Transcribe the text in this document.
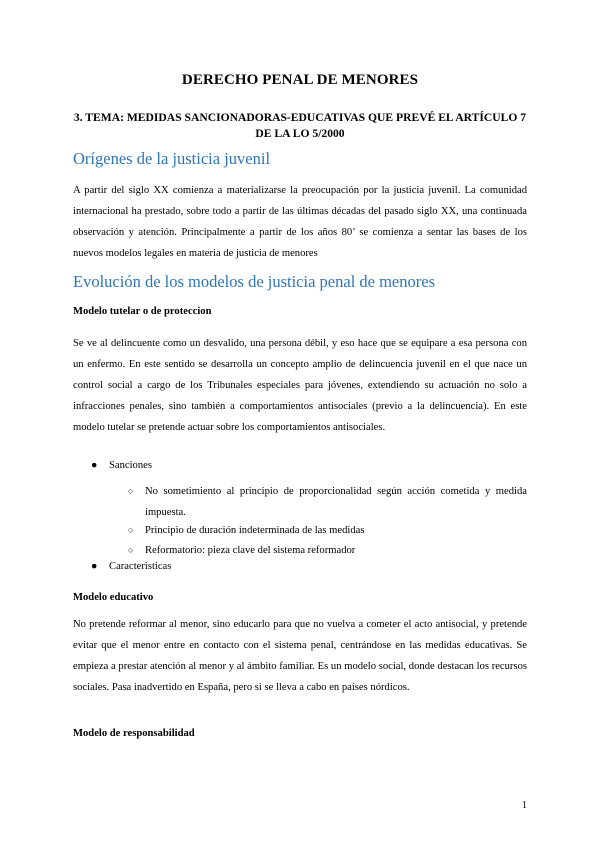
DERECHO PENAL DE MENORES
3. TEMA: MEDIDAS SANCIONADORAS-EDUCATIVAS QUE PREVÉ EL ARTÍCULO 7 DE LA LO 5/2000
Orígenes de la justicia juvenil

A partir del siglo XX comienza a materializarse la preocupación por la justicia juvenil. La comunidad internacional ha prestado, sobre todo a partir de las últimas décadas del pasado siglo XX, una continuada observación y atención. Principalmente a partir de los años 80’ se comienza a sentar las bases de los nuevos modelos legales en materia de justicia de menores

Evolución de los modelos de justicia penal de menores

Modelo tutelar o de proteccion

Se ve al delincuente como un desvalido, una persona débil, y eso hace que se equipare a esa persona con un enfermo. En este sentido se desarrolla un concepto amplio de delincuencia juvenil en el que nace un control social a cargo de los Tribunales especiales para jóvenes, extendiendo su actuación no solo a infracciones penales, sino también a comportamientos antisociales (previo a la delincuencia). En este modelo tutelar se pretende actuar sobre los comportamientos antisociales.

● Sanciones
○ No sometimiento al principio de proporcionalidad según acción cometida y medida impuesta.
○ Principio de duración indeterminada de las medidas
○ Reformatorio: pieza clave del sistema reformador
● Caracteristicas

Modelo educativo

No pretende reformar al menor, sino educarlo para que no vuelva a cometer el acto antisocial, y pretende evitar que el menor entre en contacto con el sistema penal, centrándose en las medidas educativas. Se empieza a prestar atención al menor y al ámbito familiar. Es un modelo social, donde destacan los recursos sociales. Pasa inadvertido en España, pero si se lleva a cabo en países nórdicos.

Modelo de responsabilidad

1
